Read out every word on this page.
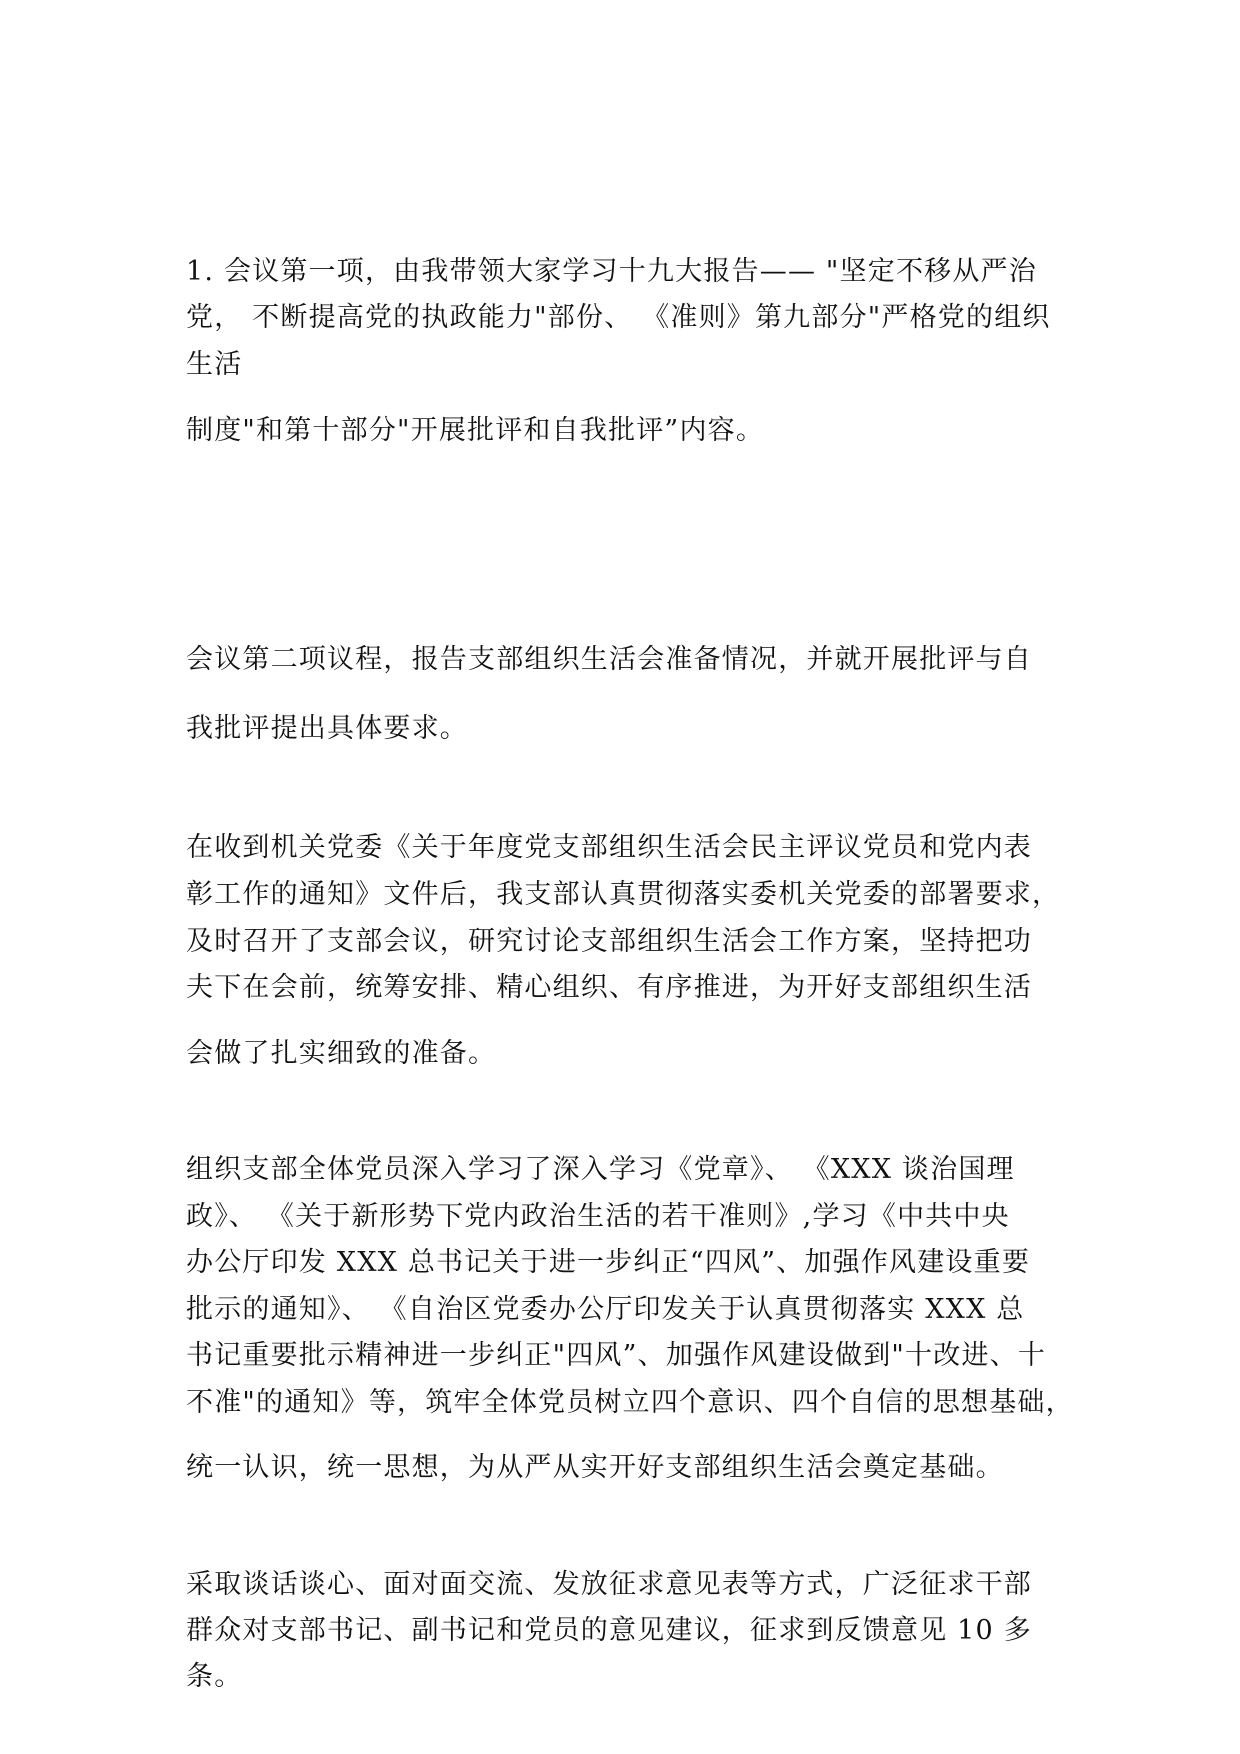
1. 会议第一项，由我带领大家学习十九大报告—— "坚定不移从严治

党， 不断提高党的执政能力"部份、 《准则》第九部分"严格党的组织

生活

制度"和第十部分"开展批评和自我批评”内容。

会议第二项议程，报告支部组织生活会准备情况，并就开展批评与自

我批评提出具体要求。

在收到机关党委《关于年度党支部组织生活会民主评议党员和党内表

彰工作的通知》文件后，我支部认真贯彻落实委机关党委的部署要求，

及时召开了支部会议，研究讨论支部组织生活会工作方案，坚持把功

夫下在会前，统筹安排、精心组织、有序推进，为开好支部组织生活

会做了扎实细致的准备。

组织支部全体党员深入学习了深入学习《党章》、 《XXX 谈治国理

政》、 《关于新形势下党内政治生活的若干准则》,学习《中共中央

办公厅印发 XXX 总书记关于进一步纠正“四风”、加强作风建设重要

批示的通知》、 《自治区党委办公厅印发关于认真贯彻落实 XXX 总

书记重要批示精神进一步纠正"四风”、加强作风建设做到"十改进、十

不准"的通知》等，筑牢全体党员树立四个意识、四个自信的思想基础，

统一认识，统一思想，为从严从实开好支部组织生活会奠定基础。

采取谈话谈心、面对面交流、发放征求意见表等方式，广泛征求干部

群众对支部书记、副书记和党员的意见建议，征求到反馈意见 10 多

条。
